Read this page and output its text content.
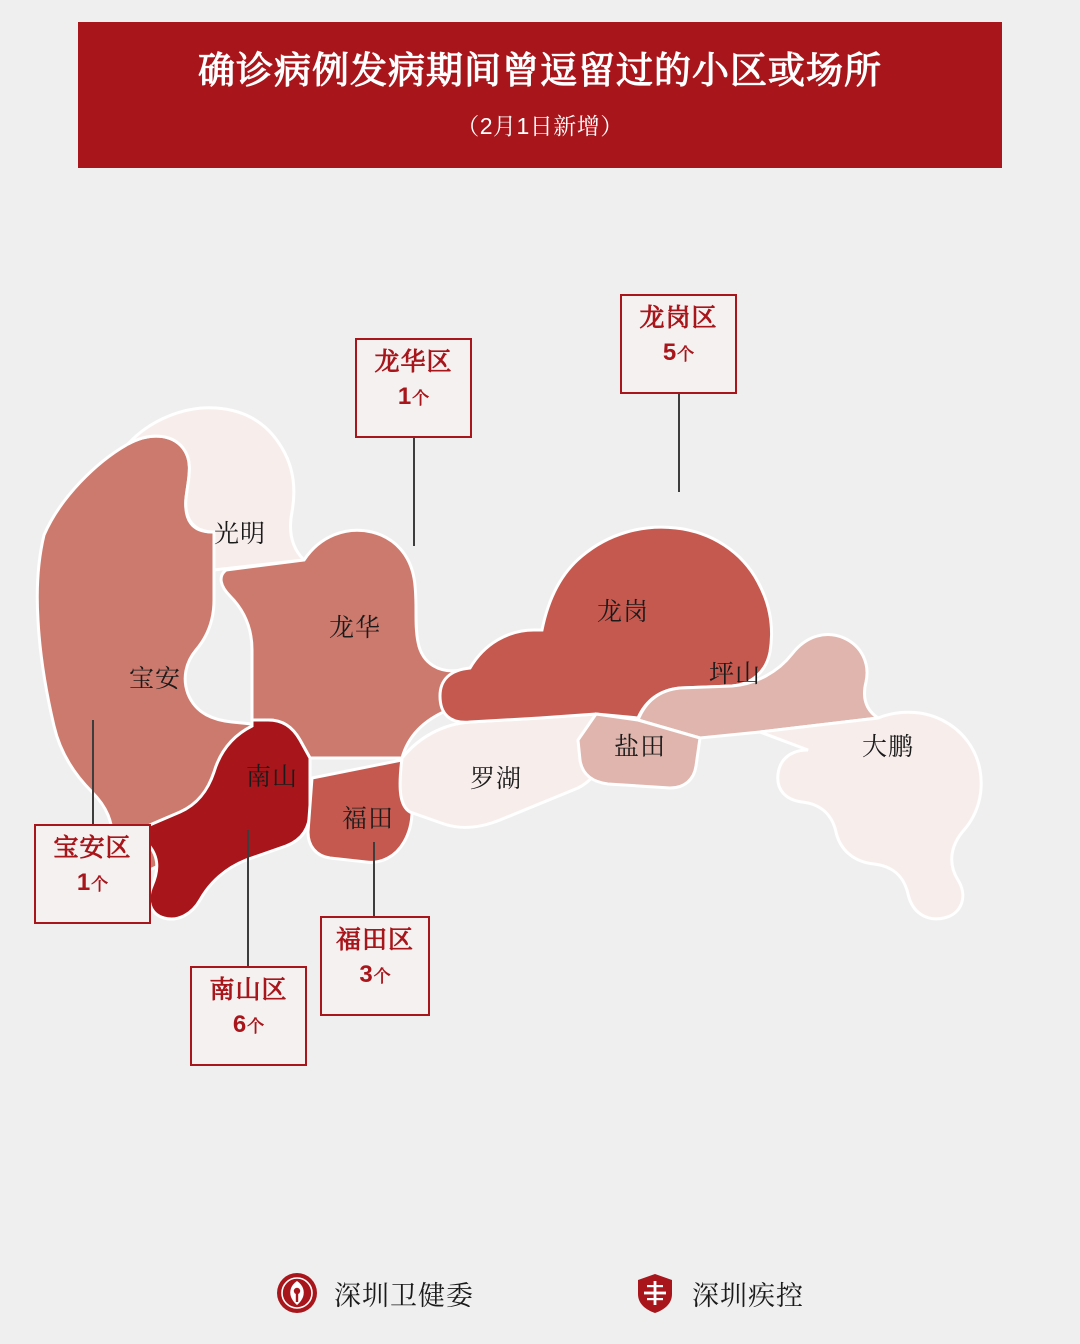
确诊病例发病期间曾逗留过的小区或场所
（2月1日新增）
光明
宝安
龙华
南山
福田
罗湖
龙岗
坪山
盐田	大鹏
龙华区
1个
龙岗区
5个
宝安区
1个
福田区
3个
南山区
6个
深圳卫健委	深圳疾控
